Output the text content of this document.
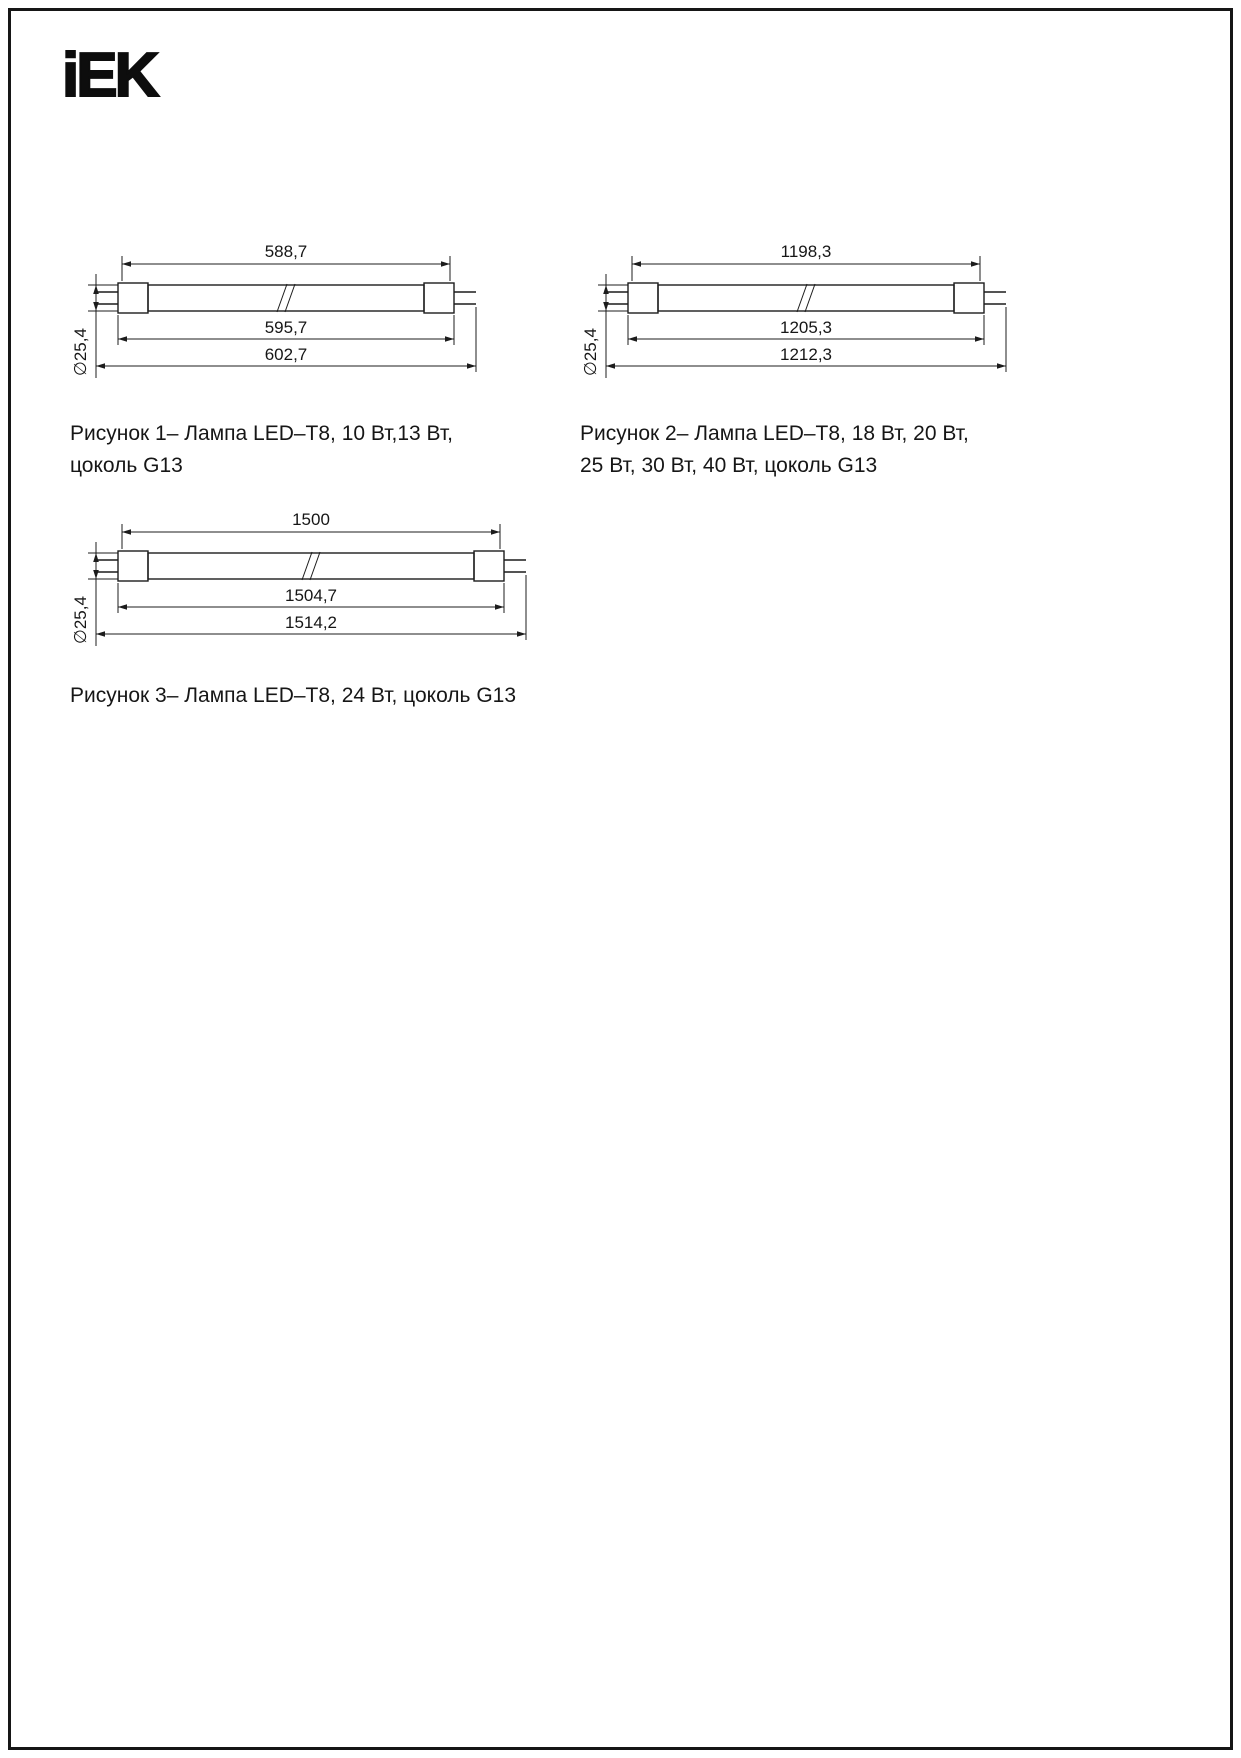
iEK
588,7
595,7
602,7
∅25,4
1198,3
1205,3
1212,3
∅25,4
1500
1504,7
1514,2
∅25,4
Рисунок 1– Лампа LED–T8, 10 Вт,13 Вт,
цоколь G13
Рисунок 2– Лампа LED–T8, 18 Вт, 20 Вт,
25 Вт, 30 Вт, 40 Вт, цоколь G13
Рисунок 3– Лампа LED–T8, 24 Вт, цоколь G13
